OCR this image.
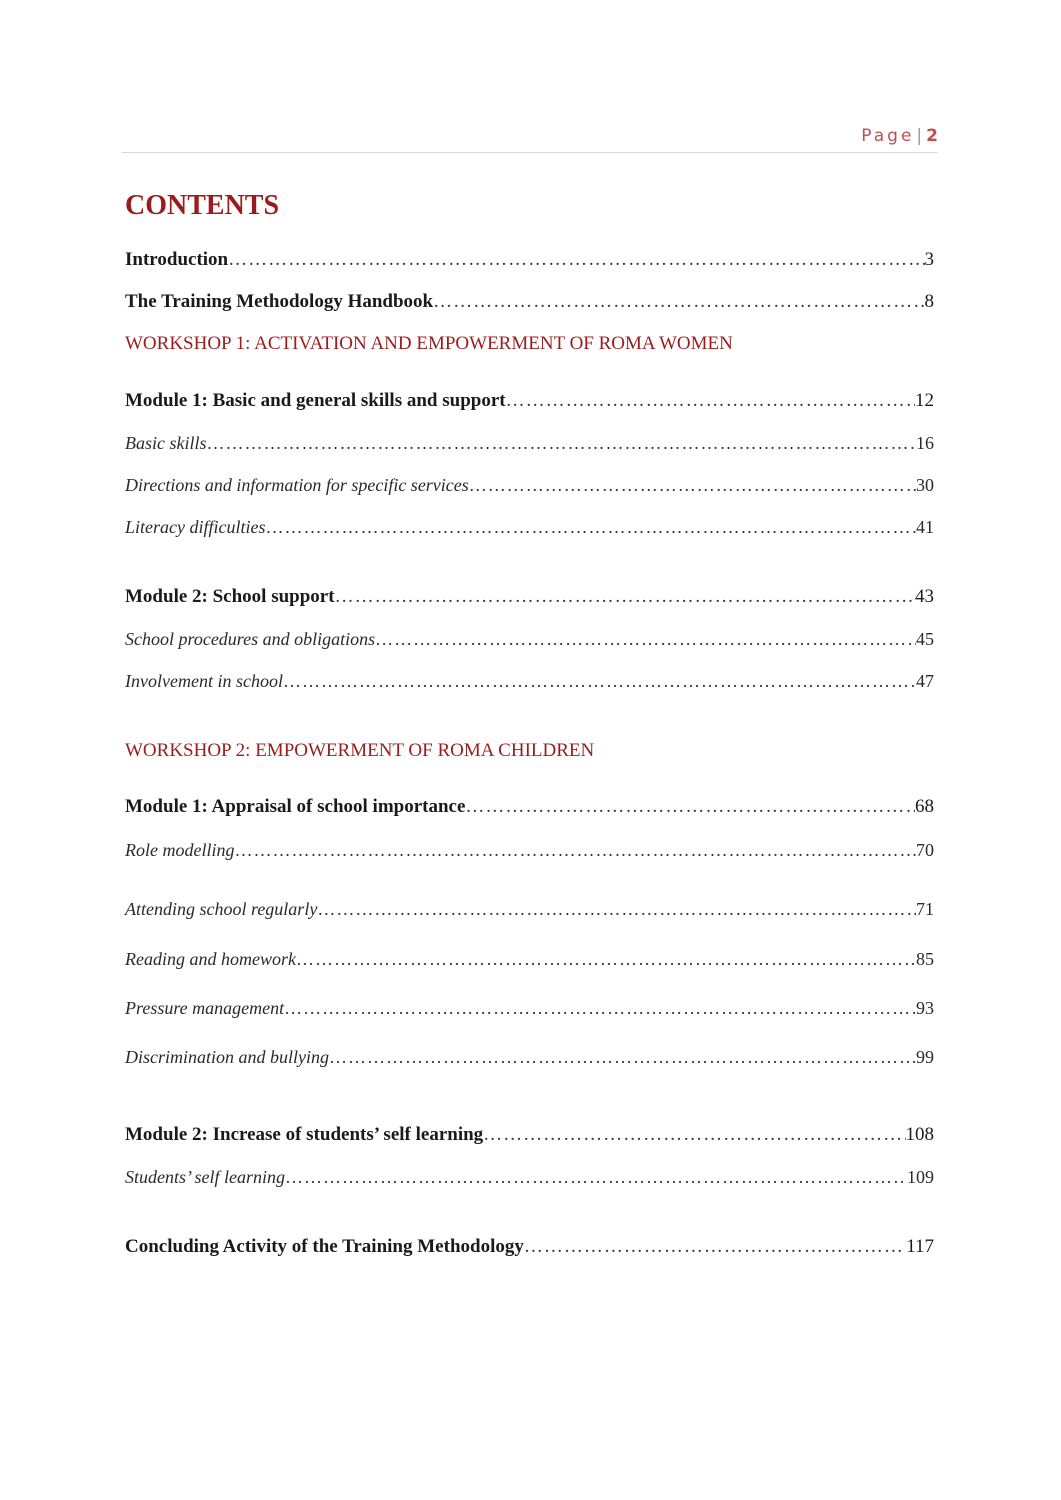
Page | 2
CONTENTS
Introduction ………………………………………………………………………………………………………………………………………………………………………………………………………………………	3
The Training Methodology Handbook ………………………………………………………………………………………………………………………………………………………………………………………………………………………	8
WORKSHOP 1: ACTIVATION AND EMPOWERMENT OF ROMA WOMEN
Module 1: Basic and general skills and support ………………………………………………………………………………………………………………………………………………………………………………………………………………………	12
Basic skills ………………………………………………………………………………………………………………………………………………………………………………………………………………………	16
Directions and information for specific services ………………………………………………………………………………………………………………………………………………………………………………………………………………………	30
Literacy difficulties ………………………………………………………………………………………………………………………………………………………………………………………………………………………	41
Module 2: School support ………………………………………………………………………………………………………………………………………………………………………………………………………………………	43
School procedures and obligations ………………………………………………………………………………………………………………………………………………………………………………………………………………………	45
Involvement in school ………………………………………………………………………………………………………………………………………………………………………………………………………………………	47
WORKSHOP 2: EMPOWERMENT OF ROMA CHILDREN
Module 1: Appraisal of school importance ………………………………………………………………………………………………………………………………………………………………………………………………………………………	68
Role modelling ………………………………………………………………………………………………………………………………………………………………………………………………………………………	70
Attending school regularly ………………………………………………………………………………………………………………………………………………………………………………………………………………………	71
Reading and homework ………………………………………………………………………………………………………………………………………………………………………………………………………………………	85
Pressure management ………………………………………………………………………………………………………………………………………………………………………………………………………………………	93
Discrimination and bullying ………………………………………………………………………………………………………………………………………………………………………………………………………………………	99
Module 2: Increase of students’ self learning ………………………………………………………………………………………………………………………………………………………………………………………………………………………	108
Students’ self learning ………………………………………………………………………………………………………………………………………………………………………………………………………………………	109
Concluding Activity of the Training Methodology ………………………………………………………………………………………………………………………………………………………………………………………………………………………	117
